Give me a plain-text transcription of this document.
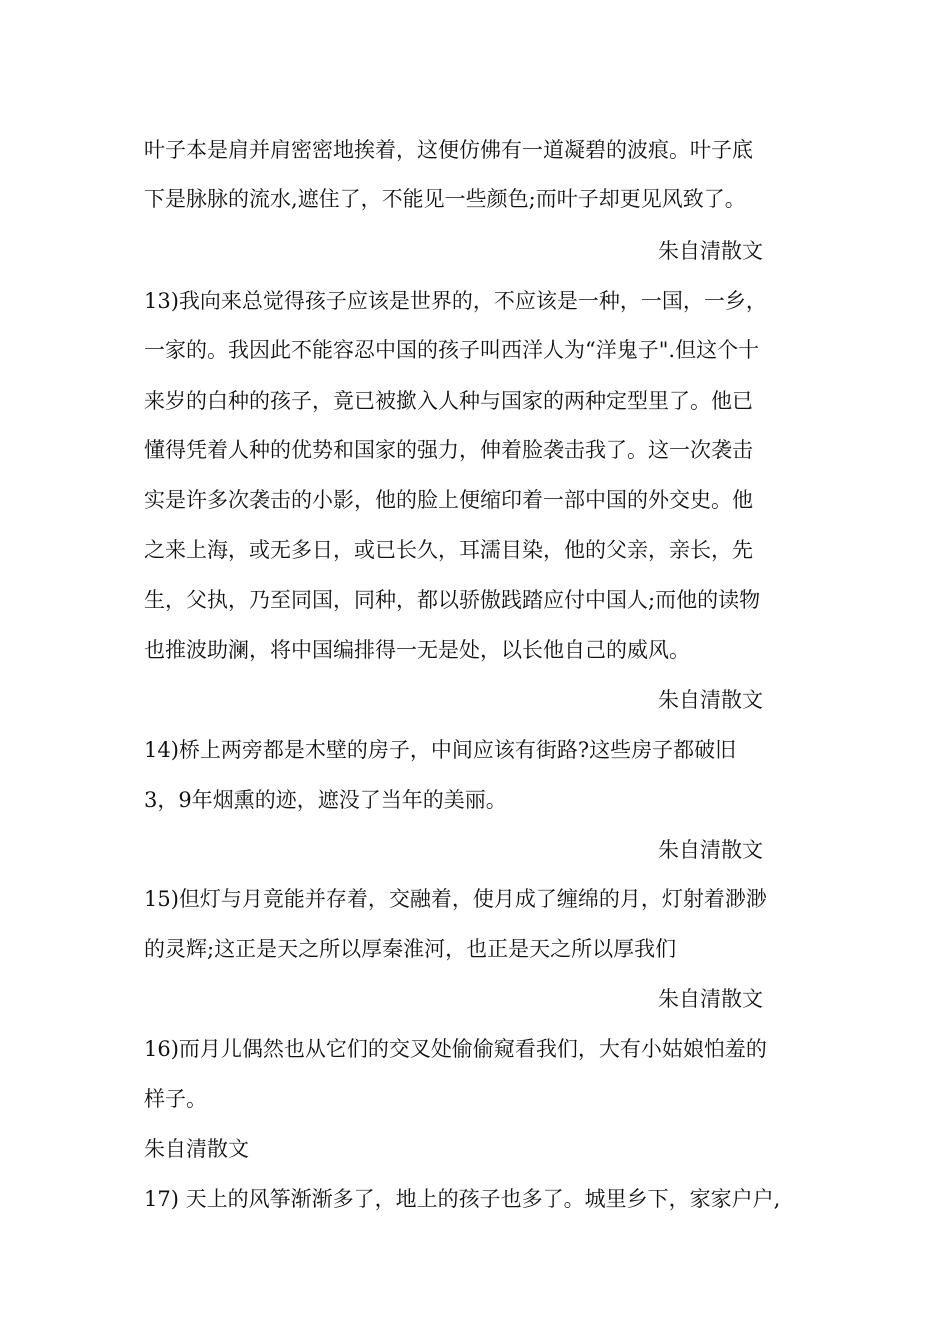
叶子本是肩并肩密密地挨着，这便仿佛有一道凝碧的波痕。叶子底
下是脉脉的流水,遮住了，不能见一些颜色;而叶子却更见风致了。
朱自清散文
13)我向来总觉得孩子应该是世界的，不应该是一种，一国，一乡，
一家的。我因此不能容忍中国的孩子叫西洋人为“洋鬼子".但这个十
来岁的白种的孩子，竟已被撳入人种与国家的两种定型里了。他已
懂得凭着人种的优势和国家的强力，伸着脸袭击我了。这一次袭击
实是许多次袭击的小影，他的脸上便缩印着一部中国的外交史。他
之来上海，或无多日，或已长久，耳濡目染，他的父亲，亲长，先
生，父执，乃至同国，同种，都以骄傲践踏应付中国人;而他的读物
也推波助澜，将中国编排得一无是处，以长他自己的威风。
朱自清散文
14)桥上两旁都是木壁的房子，中间应该有街路?这些房子都破旧
3，9年烟熏的迹，遮没了当年的美丽。
朱自清散文
15)但灯与月竟能并存着，交融着，使月成了缠绵的月，灯射着渺渺
的灵辉;这正是天之所以厚秦淮河，也正是天之所以厚我们
朱自清散文
16)而月儿偶然也从它们的交叉处偷偷窥看我们，大有小姑娘怕羞的
样子。
朱自清散文
17) 天上的风筝渐渐多了，地上的孩子也多了。城里乡下，家家户户,
